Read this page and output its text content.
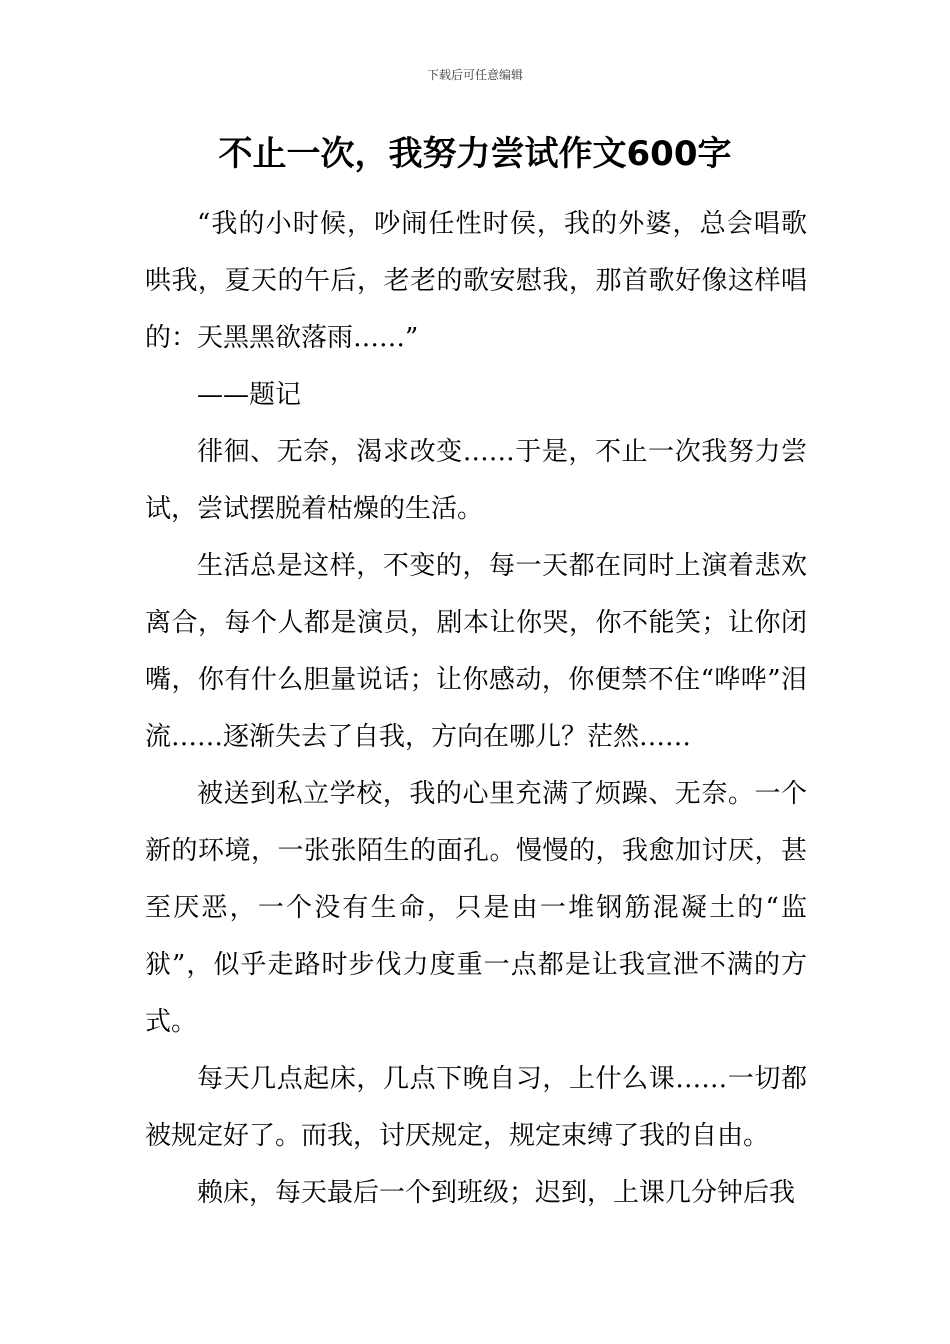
下载后可任意编辑
不止一次，我努力尝试作文600字

“我的小时候，吵闹任性时侯，我的外婆，总会唱歌哄我，夏天的午后，老老的歌安慰我，那首歌好像这样唱的：天黑黑欲落雨……”

——题记

徘徊、无奈，渴求改变……于是，不止一次我努力尝试，尝试摆脱着枯燥的生活。

生活总是这样，不变的，每一天都在同时上演着悲欢离合，每个人都是演员，剧本让你哭，你不能笑；让你闭嘴，你有什么胆量说话；让你感动，你便禁不住“哗哗”泪流……逐渐失去了自我，方向在哪儿？茫然……

被送到私立学校，我的心里充满了烦躁、无奈。一个新的环境，一张张陌生的面孔。慢慢的，我愈加讨厌，甚至厌恶，一个没有生命，只是由一堆钢筋混凝土的“监狱”，似乎走路时步伐力度重一点都是让我宣泄不满的方式。

每天几点起床，几点下晚自习，上什么课……一切都被规定好了。而我，讨厌规定，规定束缚了我的自由。

赖床，每天最后一个到班级；迟到，上课几分钟后我
